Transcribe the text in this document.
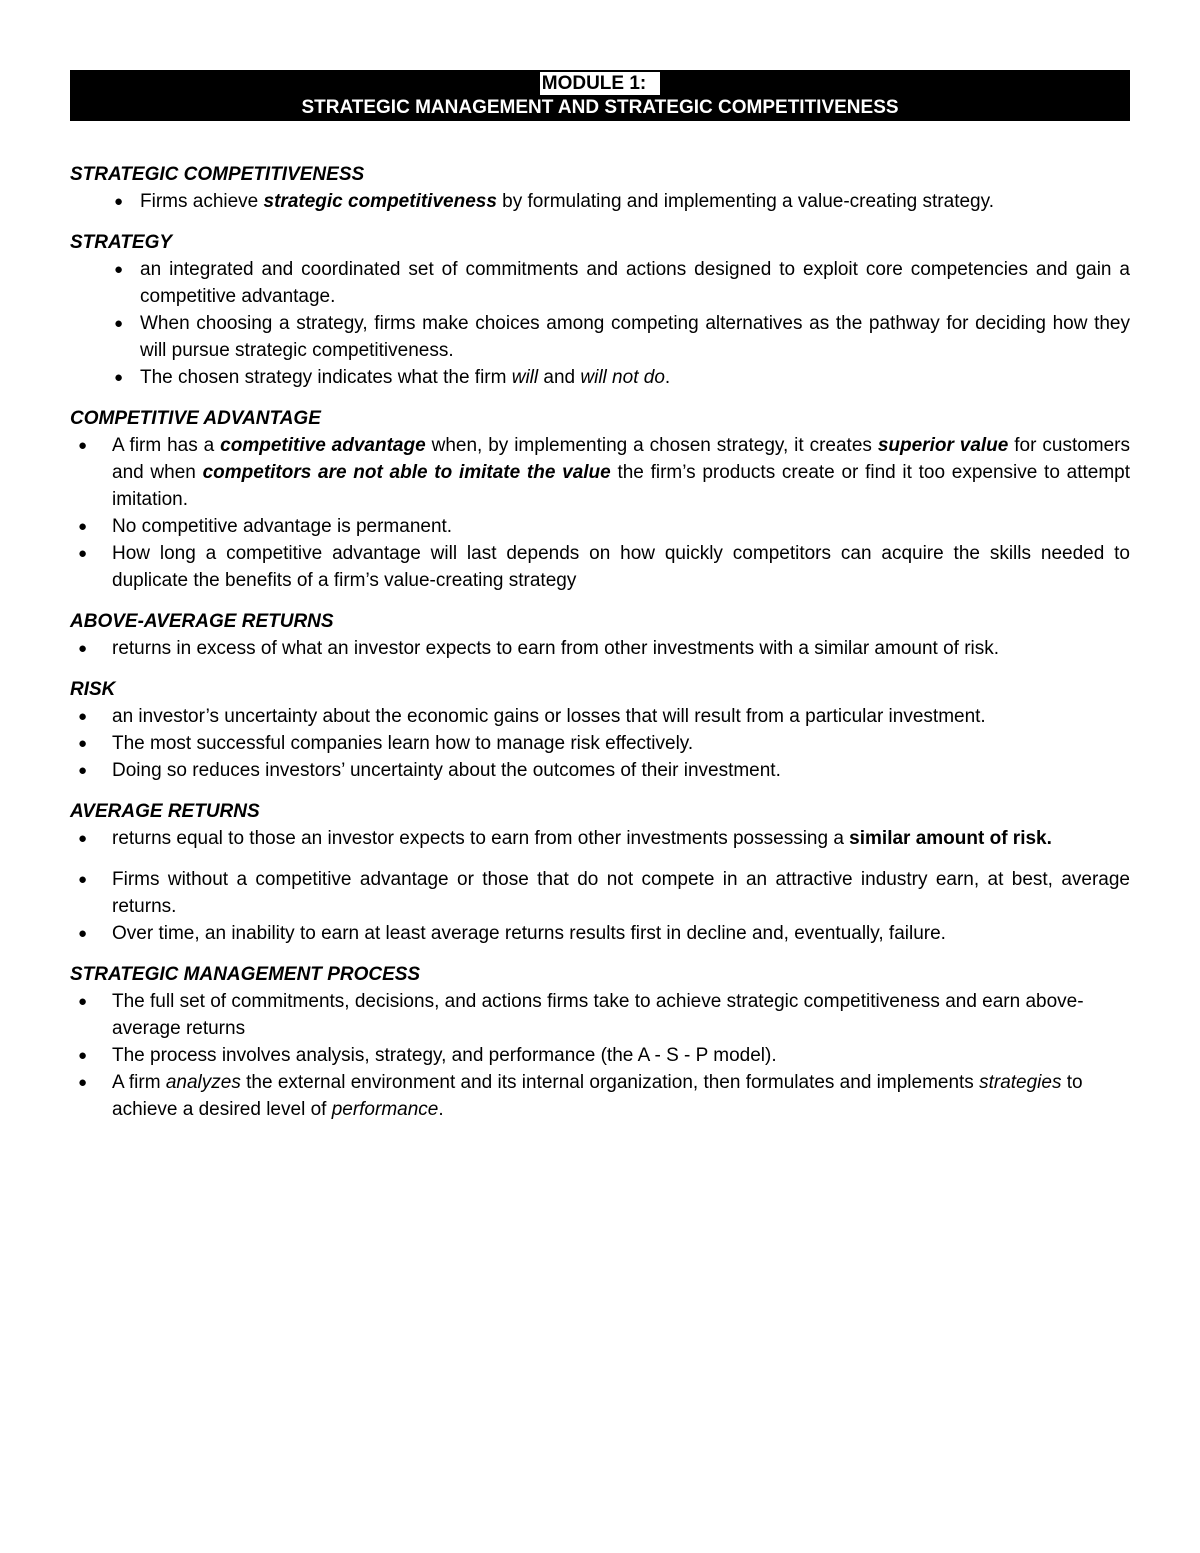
MODULE 1:
STRATEGIC MANAGEMENT AND STRATEGIC COMPETITIVENESS
STRATEGIC COMPETITIVENESS
● Firms achieve strategic competitiveness by formulating and implementing a value-creating strategy.
STRATEGY
● an integrated and coordinated set of commitments and actions designed to exploit core competencies and gain a competitive advantage.
● When choosing a strategy, firms make choices among competing alternatives as the pathway for deciding how they will pursue strategic competitiveness.
● The chosen strategy indicates what the firm will and will not do.
COMPETITIVE ADVANTAGE
● A firm has a competitive advantage when, by implementing a chosen strategy, it creates superior value for customers and when competitors are not able to imitate the value the firm’s products create or find it too expensive to attempt imitation.
● No competitive advantage is permanent.
● How long a competitive advantage will last depends on how quickly competitors can acquire the skills needed to duplicate the benefits of a firm’s value-creating strategy
ABOVE-AVERAGE RETURNS
● returns in excess of what an investor expects to earn from other investments with a similar amount of risk.
RISK
● an investor’s uncertainty about the economic gains or losses that will result from a particular investment.
● The most successful companies learn how to manage risk effectively.
● Doing so reduces investors’ uncertainty about the outcomes of their investment.
AVERAGE RETURNS
● returns equal to those an investor expects to earn from other investments possessing a similar amount of risk.
● Firms without a competitive advantage or those that do not compete in an attractive industry earn, at best, average returns.
● Over time, an inability to earn at least average returns results first in decline and, eventually, failure.
STRATEGIC MANAGEMENT PROCESS
● The full set of commitments, decisions, and actions firms take to achieve strategic competitiveness and earn above-average returns
● The process involves analysis, strategy, and performance (the A - S - P model).
● A firm analyzes the external environment and its internal organization, then formulates and implements strategies to achieve a desired level of performance.
